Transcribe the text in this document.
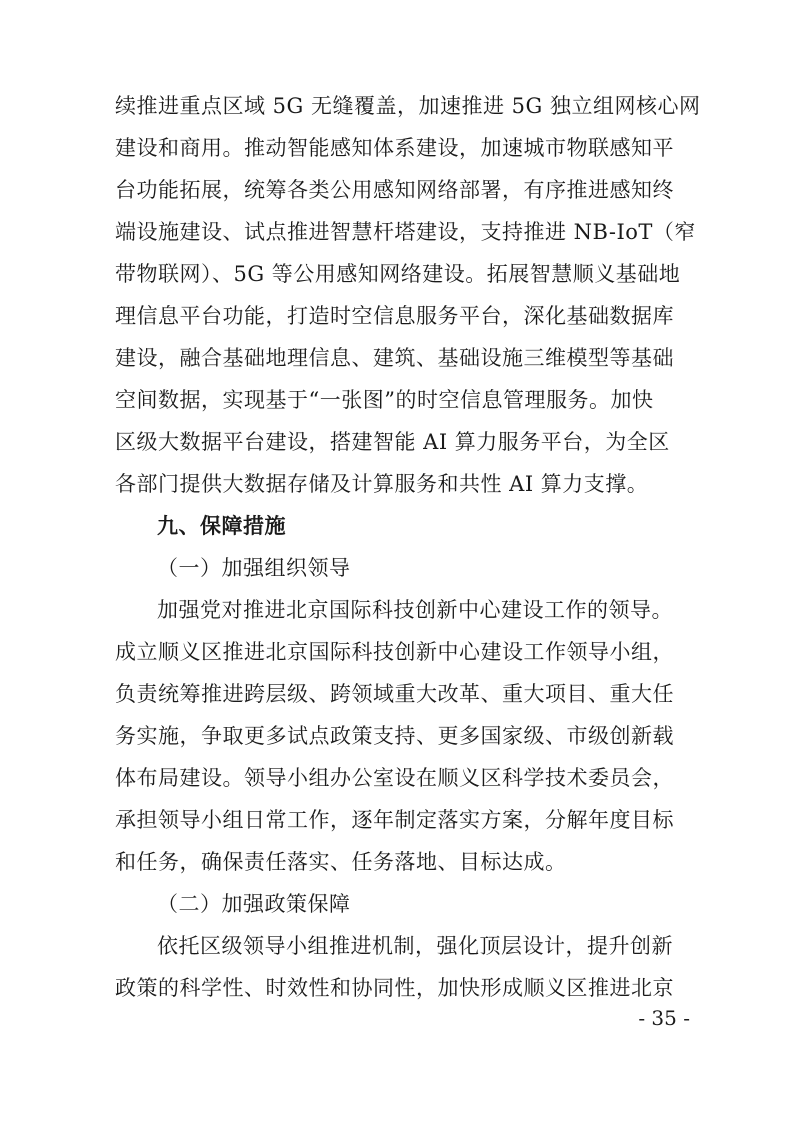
续推进重点区域 5G 无缝覆盖，加速推进 5G 独立组网核心网
建设和商用。推动智能感知体系建设，加速城市物联感知平
台功能拓展，统筹各类公用感知网络部署，有序推进感知终
端设施建设、试点推进智慧杆塔建设，支持推进 NB-IoT（窄
带物联网）、5G 等公用感知网络建设。拓展智慧顺义基础地
理信息平台功能，打造时空信息服务平台，深化基础数据库
建设，融合基础地理信息、建筑、基础设施三维模型等基础
空间数据，实现基于“一张图”的时空信息管理服务。加快
区级大数据平台建设，搭建智能 AI 算力服务平台，为全区
各部门提供大数据存储及计算服务和共性 AI 算力支撑。
九、保障措施
（一）加强组织领导
加强党对推进北京国际科技创新中心建设工作的领导。
成立顺义区推进北京国际科技创新中心建设工作领导小组，
负责统筹推进跨层级、跨领域重大改革、重大项目、重大任
务实施，争取更多试点政策支持、更多国家级、市级创新载
体布局建设。领导小组办公室设在顺义区科学技术委员会，
承担领导小组日常工作，逐年制定落实方案，分解年度目标
和任务，确保责任落实、任务落地、目标达成。
（二）加强政策保障
依托区级领导小组推进机制，强化顶层设计，提升创新
政策的科学性、时效性和协同性，加快形成顺义区推进北京
- 35 -
